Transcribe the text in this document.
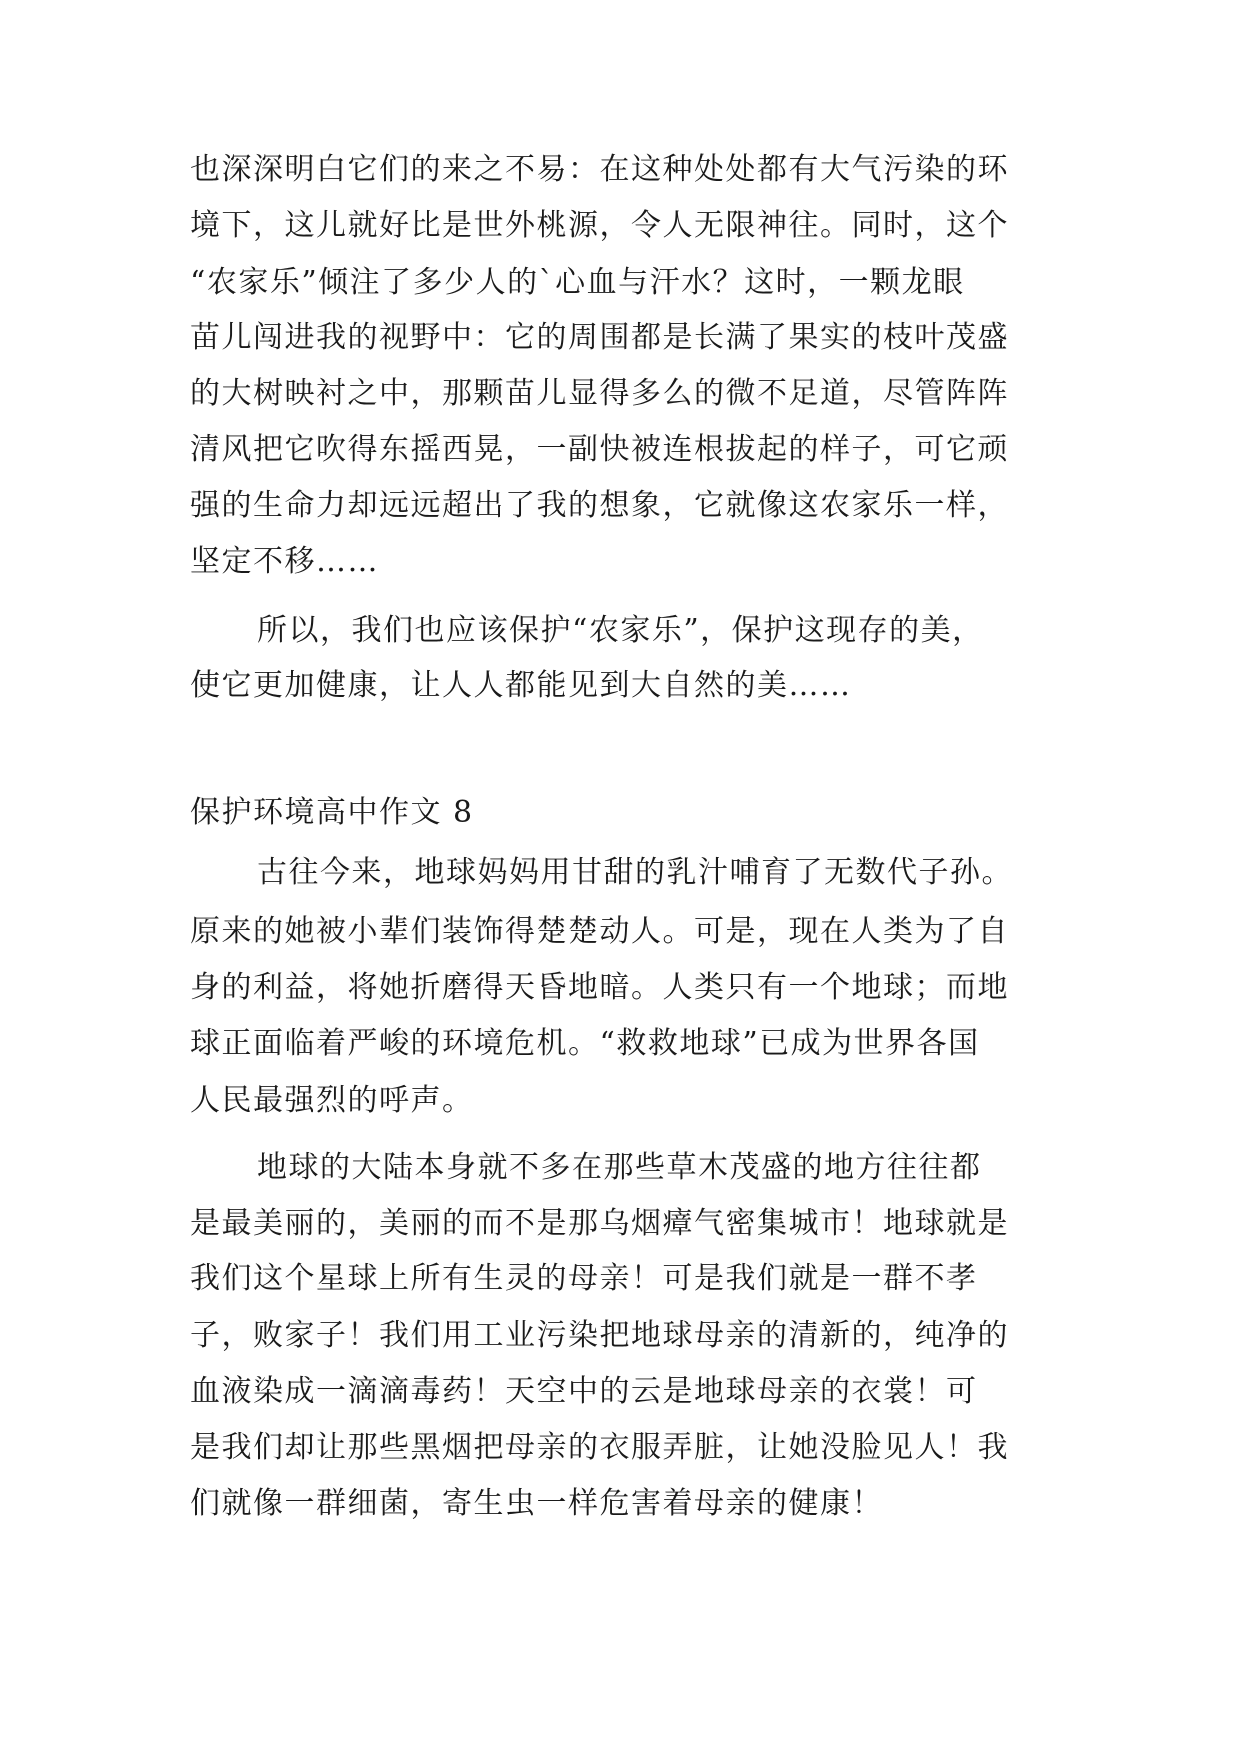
也深深明白它们的来之不易：在这种处处都有大气污染的环
境下，这儿就好比是世外桃源，令人无限神往。同时，这个
“农家乐”倾注了多少人的`心血与汗水？这时，一颗龙眼
苗儿闯进我的视野中：它的周围都是长满了果实的枝叶茂盛
的大树映衬之中，那颗苗儿显得多么的微不足道，尽管阵阵
清风把它吹得东摇西晃，一副快被连根拔起的样子，可它顽
强的生命力却远远超出了我的想象，它就像这农家乐一样，
坚定不移……
所以，我们也应该保护“农家乐”，保护这现存的美，
使它更加健康，让人人都能见到大自然的美……
保护环境高中作文 8
古往今来，地球妈妈用甘甜的乳汁哺育了无数代子孙。
原来的她被小辈们装饰得楚楚动人。可是，现在人类为了自
身的利益，将她折磨得天昏地暗。人类只有一个地球；而地
球正面临着严峻的环境危机。“救救地球”已成为世界各国
人民最强烈的呼声。
地球的大陆本身就不多在那些草木茂盛的地方往往都
是最美丽的，美丽的而不是那乌烟瘴气密集城市！地球就是
我们这个星球上所有生灵的母亲！可是我们就是一群不孝
子，败家子！我们用工业污染把地球母亲的清新的，纯净的
血液染成一滴滴毒药！天空中的云是地球母亲的衣裳！可
是我们却让那些黑烟把母亲的衣服弄脏，让她没脸见人！我
们就像一群细菌，寄生虫一样危害着母亲的健康！
